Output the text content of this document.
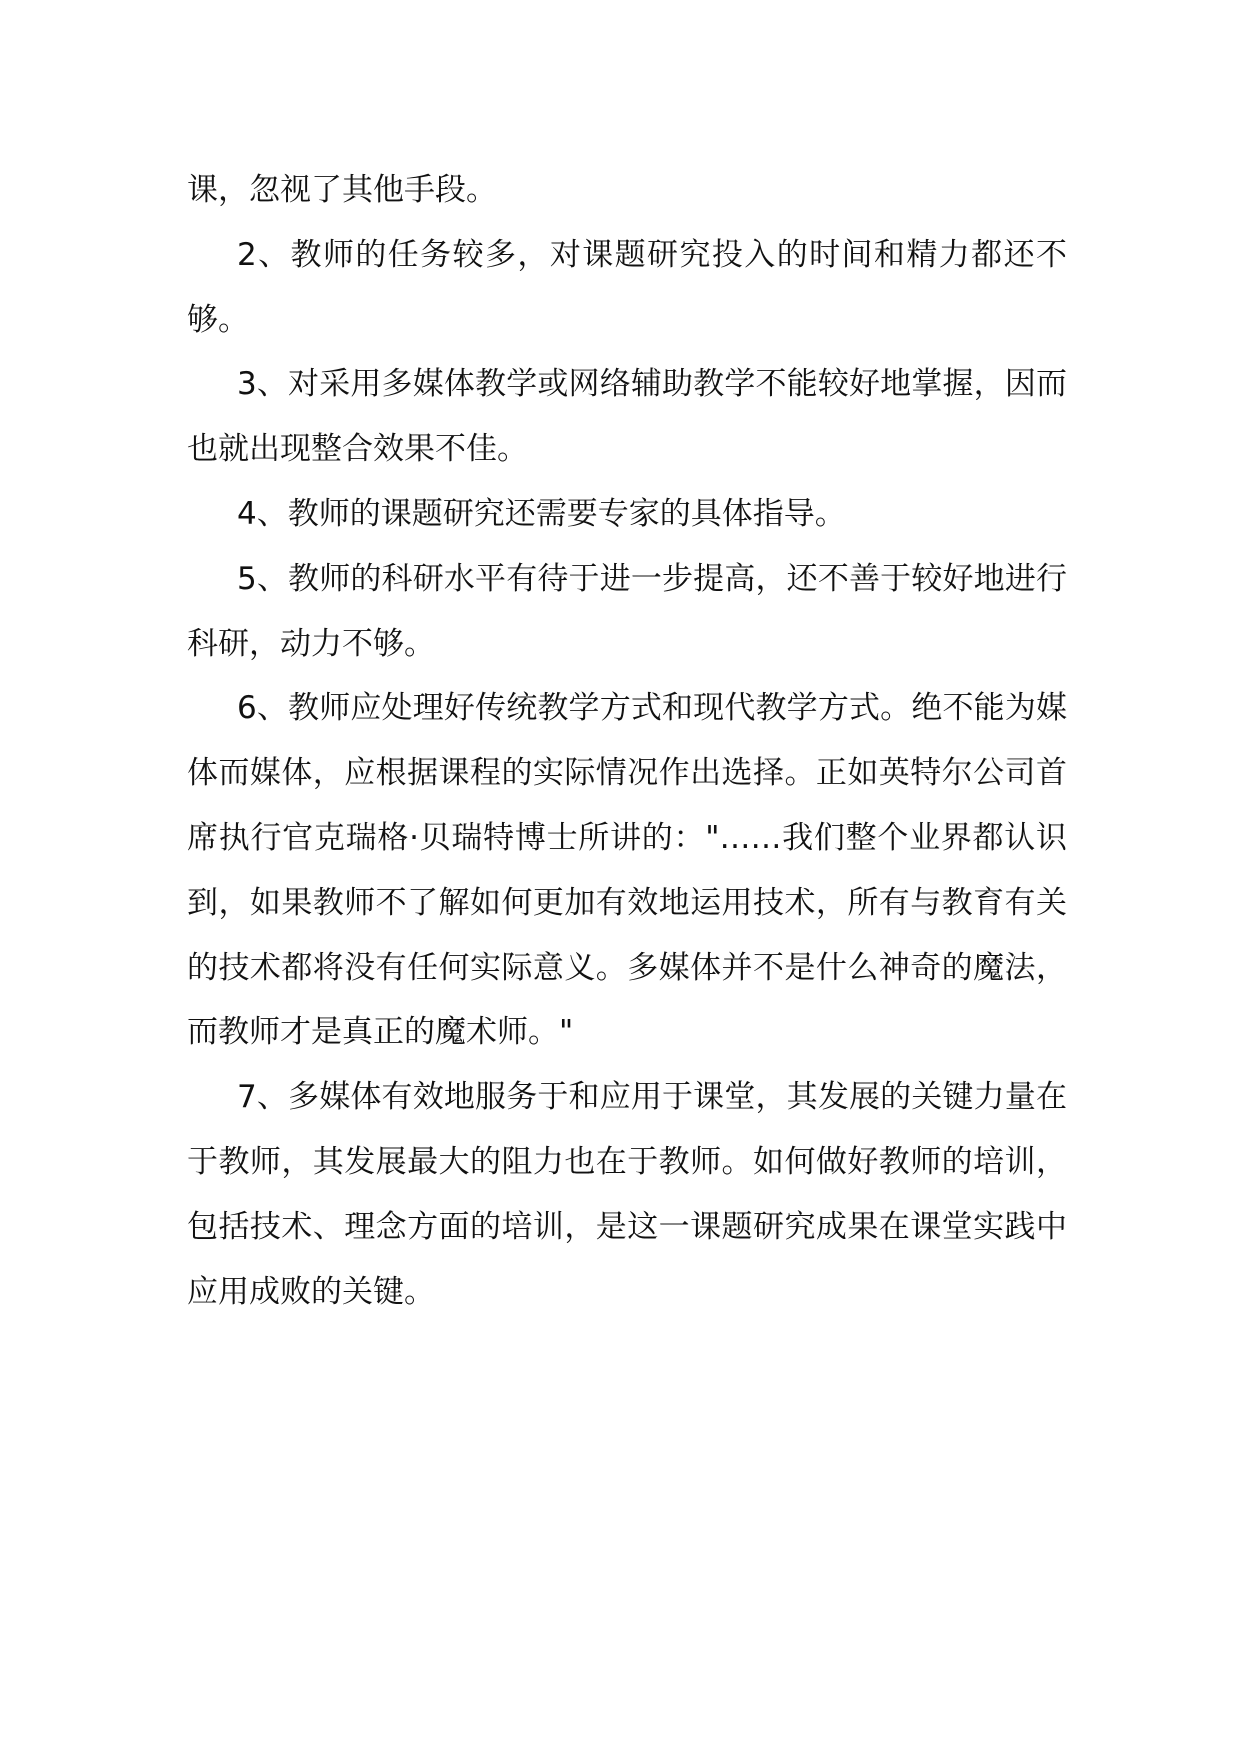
课，忽视了其他手段。

2、教师的任务较多，对课题研究投入的时间和精力都还不够。

3、对采用多媒体教学或网络辅助教学不能较好地掌握，因而也就出现整合效果不佳。

4、教师的课题研究还需要专家的具体指导。

5、教师的科研水平有待于进一步提高，还不善于较好地进行科研，动力不够。

6、教师应处理好传统教学方式和现代教学方式。绝不能为媒体而媒体，应根据课程的实际情况作出选择。正如英特尔公司首席执行官克瑞格·贝瑞特博士所讲的："……我们整个业界都认识到，如果教师不了解如何更加有效地运用技术，所有与教育有关的技术都将没有任何实际意义。多媒体并不是什么神奇的魔法，而教师才是真正的魔术师。"

7、多媒体有效地服务于和应用于课堂，其发展的关键力量在于教师，其发展最大的阻力也在于教师。如何做好教师的培训，包括技术、理念方面的培训，是这一课题研究成果在课堂实践中应用成败的关键。
